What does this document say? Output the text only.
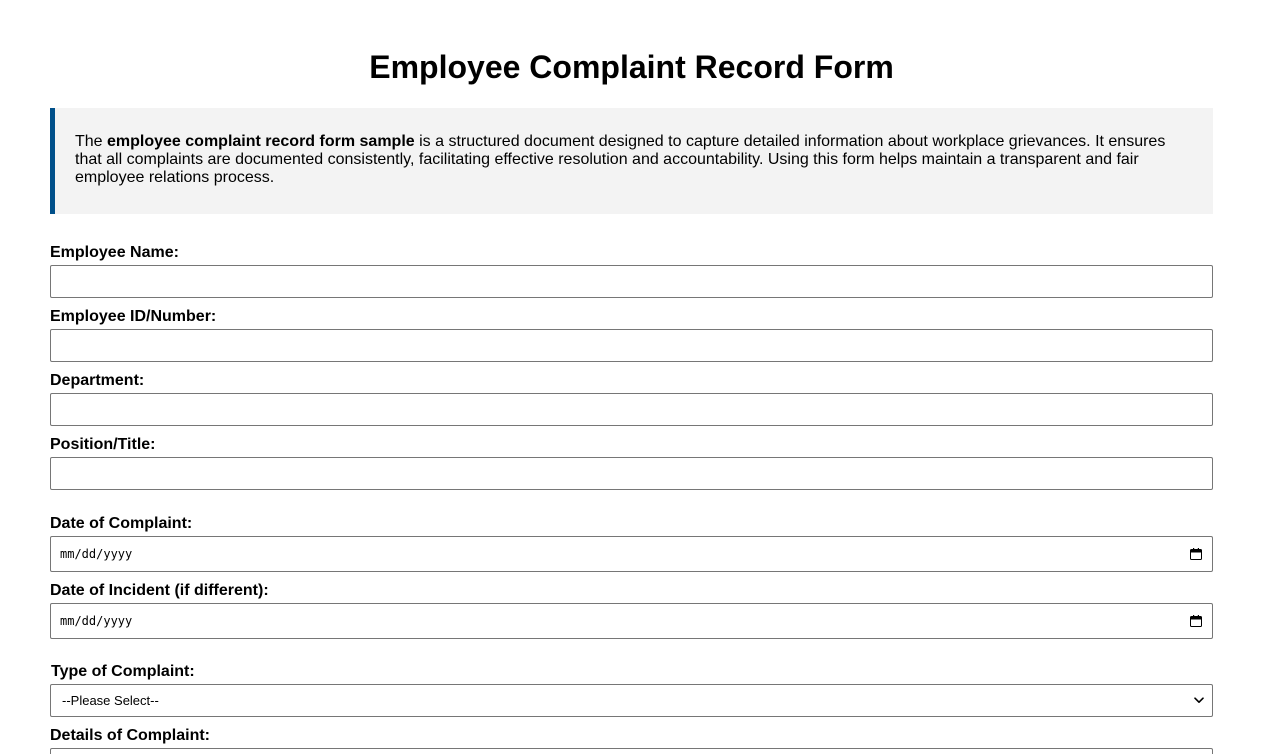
Employee Complaint Record Form
The employee complaint record form sample is a structured document designed to capture detailed information about workplace grievances. It ensures that all complaints are documented consistently, facilitating effective resolution and accountability. Using this form helps maintain a transparent and fair employee relations process.
Employee Name:
Employee ID/Number:
Department:
Position/Title:
Date of Complaint:
mm/dd/yyyy
Date of Incident (if different):
mm/dd/yyyy
Type of Complaint:
--Please Select--
Details of Complaint:
